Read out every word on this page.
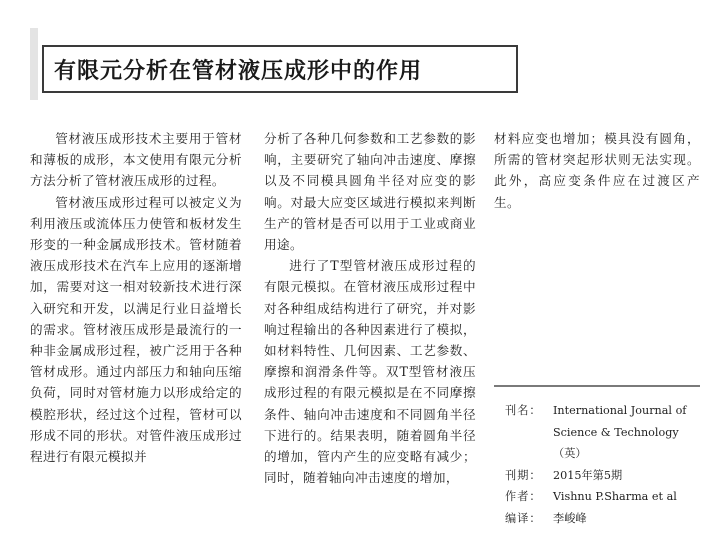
有限元分析在管材液压成形中的作用

管材液压成形技术主要用于管材和薄板的成形，本文使用有限元分析方法分析了管材液压成形的过程。

管材液压成形过程可以被定义为利用液压或流体压力使管和板材发生形变的一种金属成形技术。管材随着液压成形技术在汽车上应用的逐渐增加，需要对这一相对较新技术进行深入研究和开发，以满足行业日益增长的需求。管材液压成形是最流行的一种非金属成形过程，被广泛用于各种管材成形。通过内部压力和轴向压缩负荷，同时对管材施力以形成给定的模腔形状，经过这个过程，管材可以形成不同的形状。对管件液压成形过程进行有限元模拟并

分析了各种几何参数和工艺参数的影响，主要研究了轴向冲击速度、摩擦以及不同模具圆角半径对应变的影响。对最大应变区域进行模拟来判断生产的管材是否可以用于工业或商业用途。

进行了T型管材液压成形过程的有限元模拟。在管材液压成形过程中对各种组成结构进行了研究，并对影响过程输出的各种因素进行了模拟，如材料特性、几何因素、工艺参数、摩擦和润滑条件等。双T型管材液压成形过程的有限元模拟是在不同摩擦条件、轴向冲击速度和不同圆角半径下进行的。结果表明，随着圆角半径的增加，管内产生的应变略有减少；同时，随着轴向冲击速度的增加，

材料应变也增加；模具没有圆角，所需的管材突起形状则无法实现。此外，高应变条件应在过渡区产生。

刊名：	International Journal of Science & Technology（英）
刊期：	2015年第5期
作者：	Vishnu P.Sharma et al
编译：	李峻峰
